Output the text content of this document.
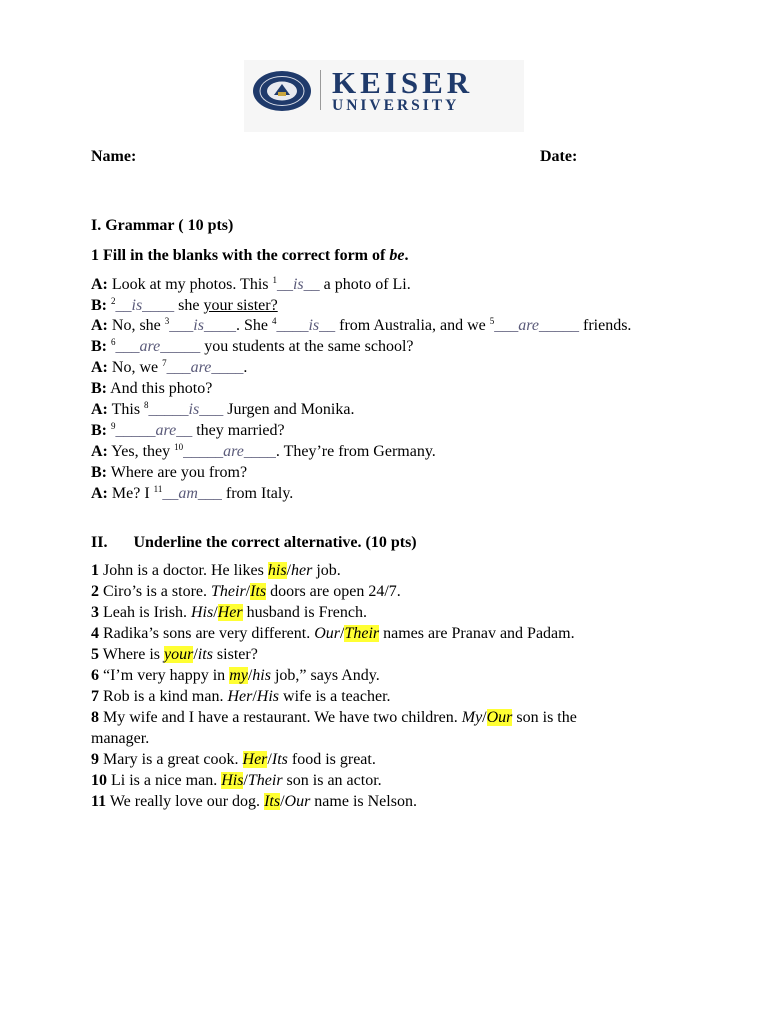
KEISER
UNIVERSITY
Name:	Date:
I. Grammar ( 10 pts)
1 Fill in the blanks with the correct form of be.
A: Look at my photos. This $^1$__is__ a photo of Li.
B: $^2$__is____ she your sister?
A: No, she $^3$___is____. She $^4$____is__ from Australia, and we $^5$___are_____ friends.
B: $^6$___are_____ you students at the same school?
A: No, we $^7$___are____.
B: And this photo?
A: This $^8$_____is___ Jurgen and Monika.
B: $^9$_____are__ they married?
A: Yes, they $^{10}$_____are____. They’re from Germany.
B: Where are you from?
A: Me? I $^{11}$__am___ from Italy.
II. Underline the correct alternative. (10 pts)
1 John is a doctor. He likes his/her job.
2 Ciro’s is a store. Their/Its doors are open 24/7.
3 Leah is Irish. His/Her husband is French.
4 Radika’s sons are very different. Our/Their names are Pranav and Padam.
5 Where is your/its sister?
6 “I’m very happy in my/his job,” says Andy.
7 Rob is a kind man. Her/His wife is a teacher.
8 My wife and I have a restaurant. We have two children. My/Our son is the
manager.
9 Mary is a great cook. Her/Its food is great.
10 Li is a nice man. His/Their son is an actor.
11 We really love our dog. Its/Our name is Nelson.
